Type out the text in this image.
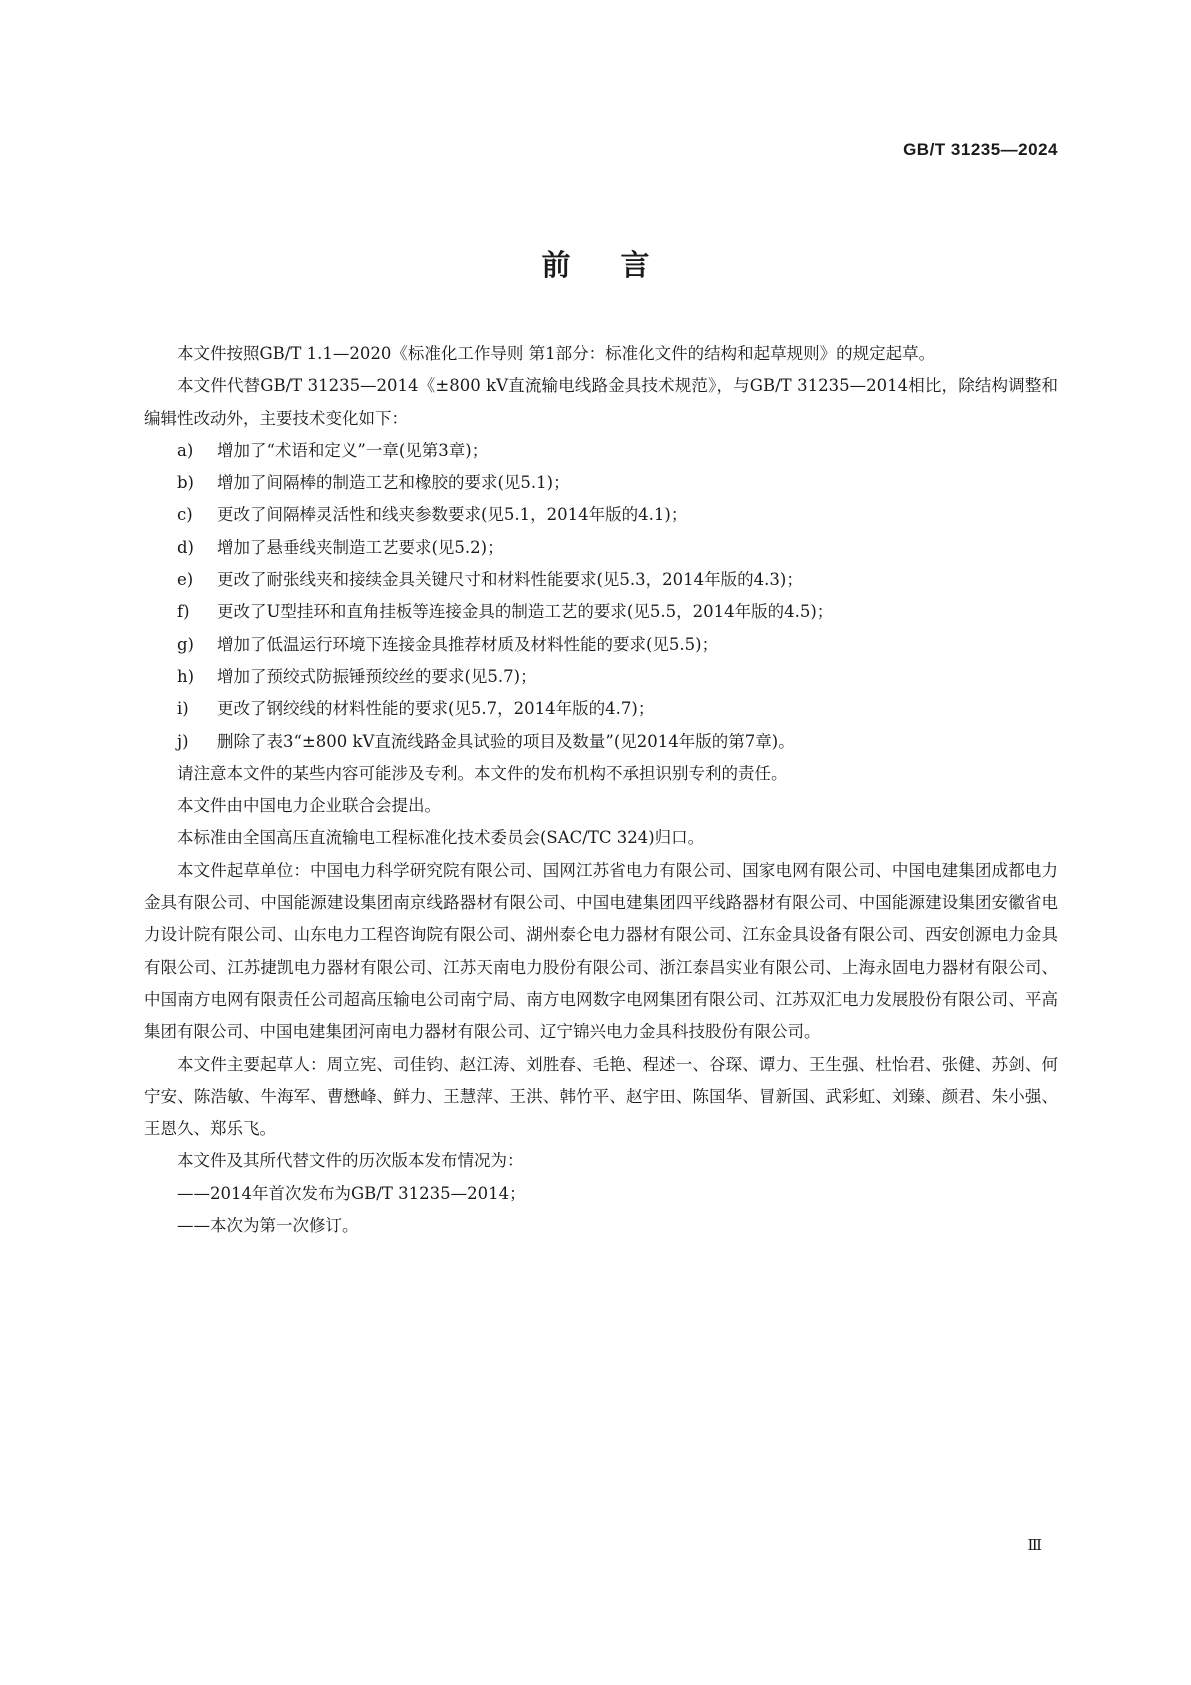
GB/T 31235—2024
前言

本文件按照GB/T 1.1—2020《标准化工作导则 第1部分：标准化文件的结构和起草规则》的规定起草。

本文件代替GB/T 31235—2014《±800 kV直流输电线路金具技术规范》，与GB/T 31235—2014相比，除结构调整和编辑性改动外，主要技术变化如下：

a)	增加了“术语和定义”一章(见第3章)；
b)	增加了间隔棒的制造工艺和橡胶的要求(见5.1)；
c)	更改了间隔棒灵活性和线夹参数要求(见5.1，2014年版的4.1)；
d)	增加了悬垂线夹制造工艺要求(见5.2)；
e)	更改了耐张线夹和接续金具关键尺寸和材料性能要求(见5.3，2014年版的4.3)；
f)	更改了U型挂环和直角挂板等连接金具的制造工艺的要求(见5.5，2014年版的4.5)；
g)	增加了低温运行环境下连接金具推荐材质及材料性能的要求(见5.5)；
h)	增加了预绞式防振锤预绞丝的要求(见5.7)；
i)	更改了钢绞线的材料性能的要求(见5.7，2014年版的4.7)；
j)	删除了表3“±800 kV直流线路金具试验的项目及数量”(见2014年版的第7章)。

请注意本文件的某些内容可能涉及专利。本文件的发布机构不承担识别专利的责任。

本文件由中国电力企业联合会提出。

本标准由全国高压直流输电工程标准化技术委员会(SAC/TC 324)归口。

本文件起草单位：中国电力科学研究院有限公司、国网江苏省电力有限公司、国家电网有限公司、中国电建集团成都电力金具有限公司、中国能源建设集团南京线路器材有限公司、中国电建集团四平线路器材有限公司、中国能源建设集团安徽省电力设计院有限公司、山东电力工程咨询院有限公司、湖州泰仑电力器材有限公司、江东金具设备有限公司、西安创源电力金具有限公司、江苏捷凯电力器材有限公司、江苏天南电力股份有限公司、浙江泰昌实业有限公司、上海永固电力器材有限公司、中国南方电网有限责任公司超高压输电公司南宁局、南方电网数字电网集团有限公司、江苏双汇电力发展股份有限公司、平高集团有限公司、中国电建集团河南电力器材有限公司、辽宁锦兴电力金具科技股份有限公司。

本文件主要起草人：周立宪、司佳钧、赵江涛、刘胜春、毛艳、程述一、谷琛、谭力、王生强、杜怡君、张健、苏剑、何宁安、陈浩敏、牛海军、曹懋峰、鲜力、王慧萍、王洪、韩竹平、赵宇田、陈国华、冒新国、武彩虹、刘臻、颜君、朱小强、王恩久、郑乐飞。

本文件及其所代替文件的历次版本发布情况为：

——2014年首次发布为GB/T 31235—2014；

——本次为第一次修订。

Ⅲ
